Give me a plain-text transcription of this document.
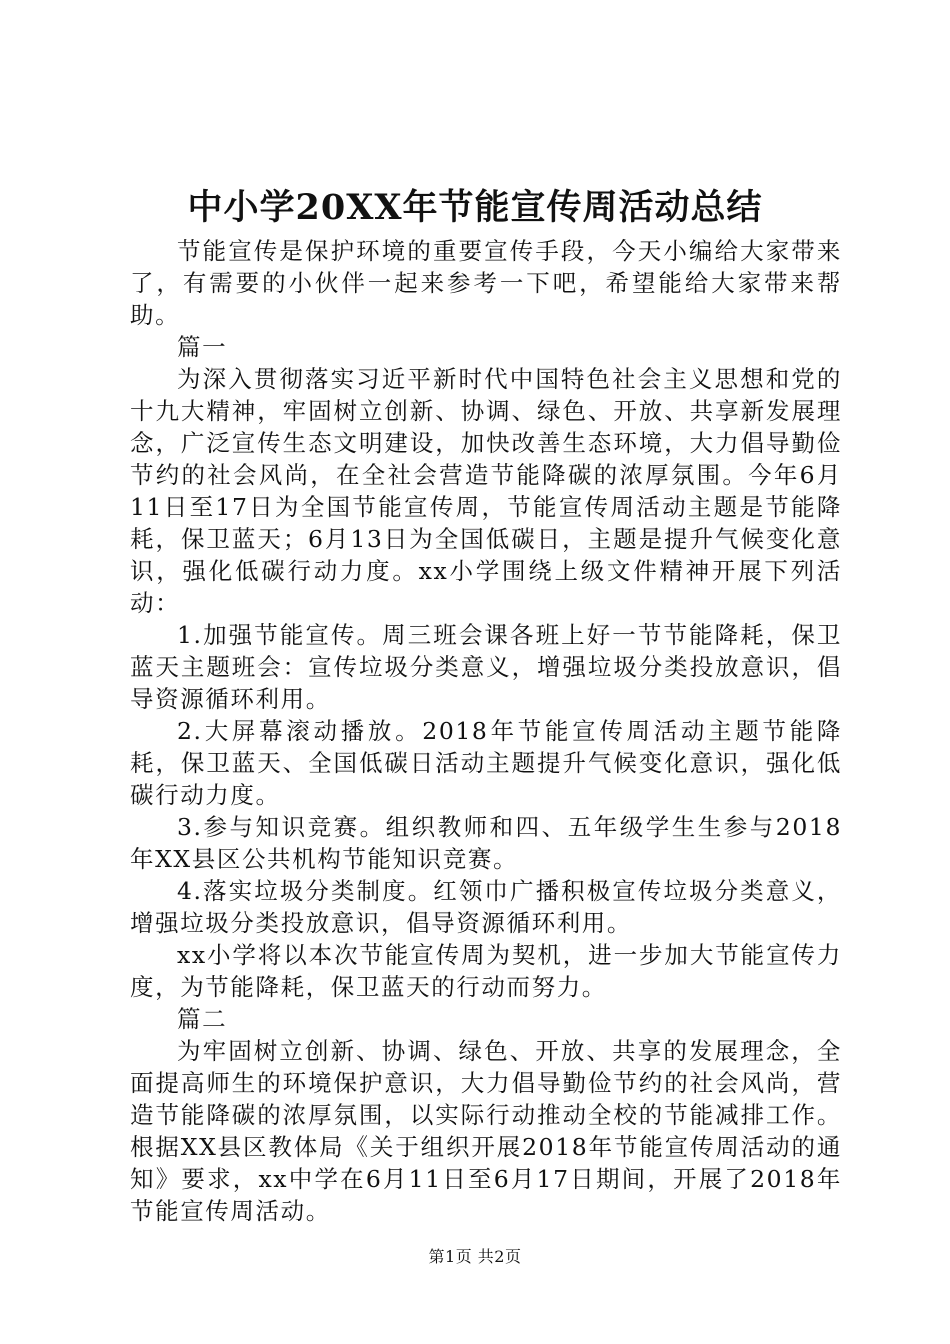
中小学20XX年节能宣传周活动总结

节能宣传是保护环境的重要宣传手段，今天小编给大家带来了，有需要的小伙伴一起来参考一下吧，希望能给大家带来帮助。

篇一

为深入贯彻落实习近平新时代中国特色社会主义思想和党的十九大精神，牢固树立创新、协调、绿色、开放、共享新发展理念，广泛宣传生态文明建设，加快改善生态环境，大力倡导勤俭节约的社会风尚，在全社会营造节能降碳的浓厚氛围。今年6月11日至17日为全国节能宣传周，节能宣传周活动主题是节能降耗，保卫蓝天；6月13日为全国低碳日，主题是提升气候变化意识，强化低碳行动力度。xx小学围绕上级文件精神开展下列活动：

1.加强节能宣传。周三班会课各班上好一节节能降耗，保卫蓝天主题班会：宣传垃圾分类意义，增强垃圾分类投放意识，倡导资源循环利用。

2.大屏幕滚动播放。2018年节能宣传周活动主题节能降耗，保卫蓝天、全国低碳日活动主题提升气候变化意识，强化低碳行动力度。

3.参与知识竞赛。组织教师和四、五年级学生生参与2018年XX县区公共机构节能知识竞赛。

4.落实垃圾分类制度。红领巾广播积极宣传垃圾分类意义，增强垃圾分类投放意识，倡导资源循环利用。

xx小学将以本次节能宣传周为契机，进一步加大节能宣传力度，为节能降耗，保卫蓝天的行动而努力。

篇二

为牢固树立创新、协调、绿色、开放、共享的发展理念，全面提高师生的环境保护意识，大力倡导勤俭节约的社会风尚，营造节能降碳的浓厚氛围，以实际行动推动全校的节能减排工作。根据XX县区教体局《关于组织开展2018年节能宣传周活动的通知》要求，xx中学在6月11日至6月17日期间，开展了2018年节能宣传周活动。

第1页 共2页
